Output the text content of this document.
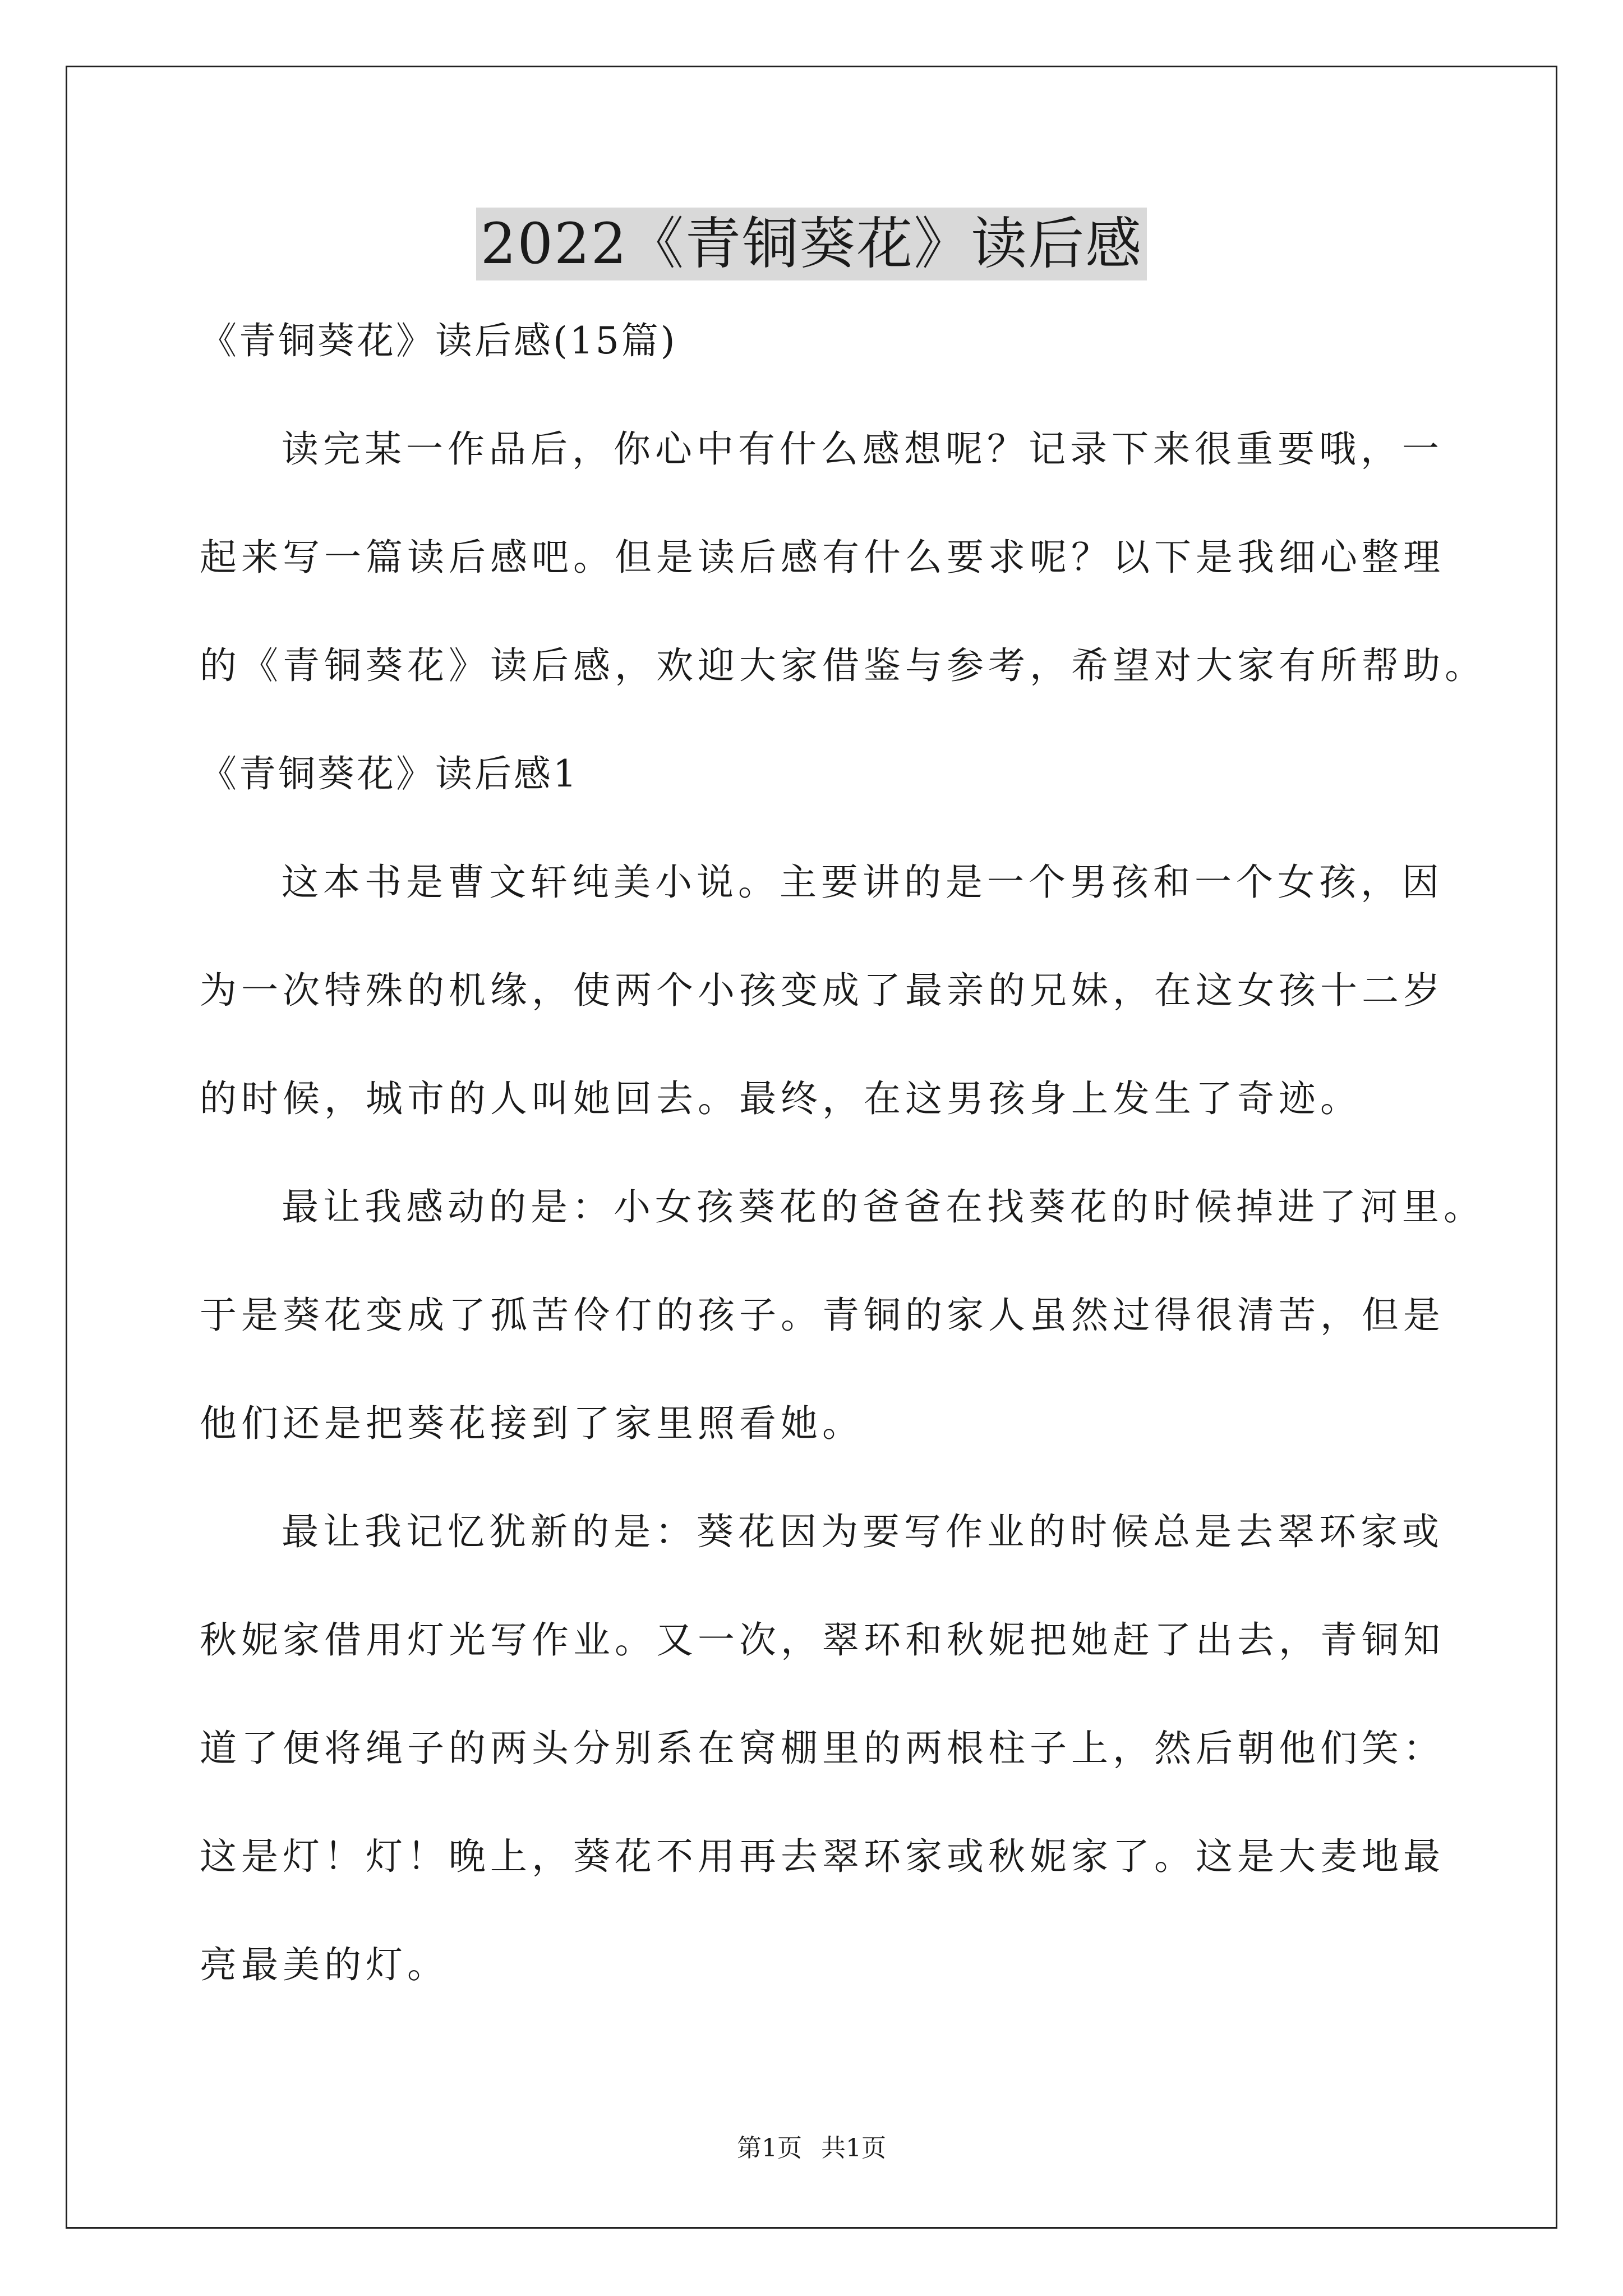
2022《青铜葵花》读后感
《青铜葵花》读后感(15篇)
读完某一作品后，你心中有什么感想呢？记录下来很重要哦，一
起来写一篇读后感吧。但是读后感有什么要求呢？以下是我细心整理
的《青铜葵花》读后感，欢迎大家借鉴与参考，希望对大家有所帮助。
《青铜葵花》读后感1
这本书是曹文轩纯美小说。主要讲的是一个男孩和一个女孩，因
为一次特殊的机缘，使两个小孩变成了最亲的兄妹，在这女孩十二岁
的时候，城市的人叫她回去。最终，在这男孩身上发生了奇迹。
最让我感动的是：小女孩葵花的爸爸在找葵花的时候掉进了河里。
于是葵花变成了孤苦伶仃的孩子。青铜的家人虽然过得很清苦，但是
他们还是把葵花接到了家里照看她。
最让我记忆犹新的是：葵花因为要写作业的时候总是去翠环家或
秋妮家借用灯光写作业。又一次，翠环和秋妮把她赶了出去，青铜知
道了便将绳子的两头分别系在窝棚里的两根柱子上，然后朝他们笑：
这是灯！灯！晚上，葵花不用再去翠环家或秋妮家了。这是大麦地最
亮最美的灯。
第1页 共1页
